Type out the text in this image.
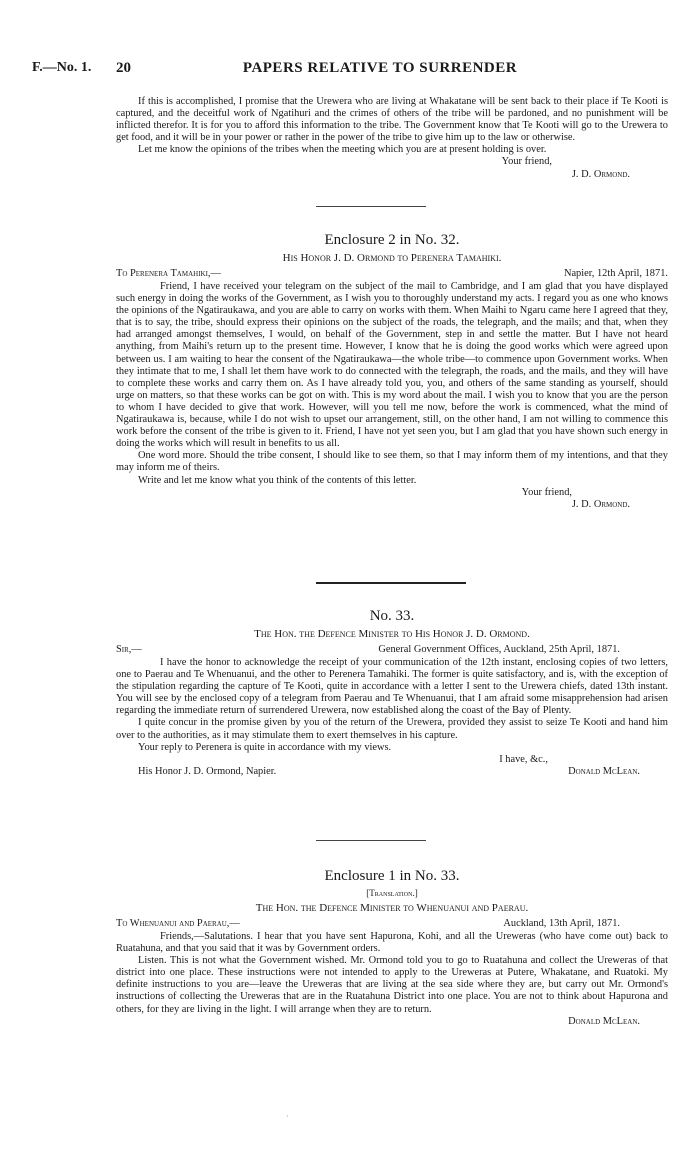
F.—No. 1. 20	PAPERS RELATIVE TO SURRENDER

If this is accomplished, I promise that the Urewera who are living at Whakatane will be sent back to their place if Te Kooti is captured, and the deceitful work of Ngatihuri and the crimes of others of the tribe will be pardoned, and no punishment will be inflicted therefor. It is for you to afford this information to the tribe. The Government know that Te Kooti will go to the Urewera to get food, and it will be in your power or rather in the power of the tribe to give him up to the law or otherwise.

Let me know the opinions of the tribes when the meeting which you are at present holding is over.

Your friend,

J. D. Ormond.

Enclosure 2 in No. 32.
His Honor J. D. Ormond to Perenera Tamahiki.
To Perenera Tamahiki,—	Napier, 12th April, 1871.

Friend, I have received your telegram on the subject of the mail to Cambridge, and I am glad that you have displayed such energy in doing the works of the Government, as I wish you to thoroughly understand my acts. I regard you as one who knows the opinions of the Ngatiraukawa, and you are able to carry on works with them. When Maihi to Ngaru came here I agreed that they, that is to say, the tribe, should express their opinions on the subject of the roads, the telegraph, and the mails; and that, when they had arranged amongst themselves, I would, on behalf of the Government, step in and settle the matter. But I have not heard anything, from Maihi's return up to the present time. However, I know that he is doing the good works which were agreed upon between us. I am waiting to hear the consent of the Ngatiraukawa—the whole tribe—to commence upon Government works. When they intimate that to me, I shall let them have work to do connected with the telegraph, the roads, and the mails, and they will have to complete these works and carry them on. As I have already told you, you, and others of the same standing as yourself, should urge on matters, so that these works can be got on with. This is my word about the mail. I wish you to know that you are the person to whom I have decided to give that work. However, will you tell me now, before the work is commenced, what the mind of Ngatiraukawa is, because, while I do not wish to upset our arrangement, still, on the other hand, I am not willing to commence this work before the consent of the tribe is given to it. Friend, I have not yet seen you, but I am glad that you have shown such energy in doing the works which will result in benefits to us all.

One word more. Should the tribe consent, I should like to see them, so that I may inform them of my intentions, and that they may inform me of theirs.

Write and let me know what you think of the contents of this letter.

Your friend,

J. D. Ormond.

No. 33.
The Hon. the Defence Minister to His Honor J. D. Ormond.
Sir,—	General Government Offices, Auckland, 25th April, 1871.

I have the honor to acknowledge the receipt of your communication of the 12th instant, enclosing copies of two letters, one to Paerau and Te Whenuanui, and the other to Perenera Tamahiki. The former is quite satisfactory, and is, with the exception of the stipulation regarding the capture of Te Kooti, quite in accordance with a letter I sent to the Urewera chiefs, dated 13th instant. You will see by the enclosed copy of a telegram from Paerau and Te Whenuanui, that I am afraid some misapprehension had arisen regarding the immediate return of surrendered Urewera, now established along the coast of the Bay of Plenty.

I quite concur in the promise given by you of the return of the Urewera, provided they assist to seize Te Kooti and hand him over to the authorities, as it may stimulate them to exert themselves in his capture.

Your reply to Perenera is quite in accordance with my views.

I have, &c.,

His Honor J. D. Ormond, Napier.	Donald McLean.
Enclosure 1 in No. 33.
[Translation.]
The Hon. the Defence Minister to Whenuanui and Paerau.
To Whenuanui and Paerau,—	Auckland, 13th April, 1871.

Friends,—Salutations. I hear that you have sent Hapurona, Kohi, and all the Ureweras (who have come out) back to Ruatahuna, and that you said that it was by Government orders.

Listen. This is not what the Government wished. Mr. Ormond told you to go to Ruatahuna and collect the Ureweras of that district into one place. These instructions were not intended to apply to the Ureweras at Putere, Whakatane, and Ruatoki. My definite instructions to you are—leave the Ureweras that are living at the sea side where they are, but carry out Mr. Ormond's instructions of collecting the Ureweras that are in the Ruatahuna District into one place. You are not to think about Hapurona and others, for they are living in the light. I will arrange when they are to return.

Donald McLean.

·
